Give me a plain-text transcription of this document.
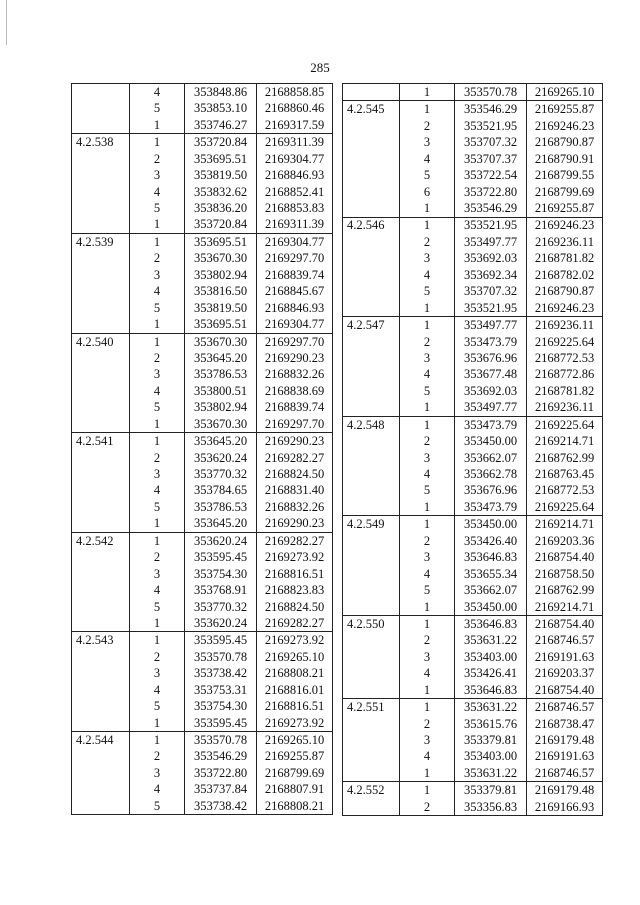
285
	4	353848.86	2168858.85
	5	353853.10	2168860.46
	1	353746.27	2169317.59
4.2.538	1	353720.84	2169311.39
	2	353695.51	2169304.77
	3	353819.50	2168846.93
	4	353832.62	2168852.41
	5	353836.20	2168853.83
	1	353720.84	2169311.39
4.2.539	1	353695.51	2169304.77
	2	353670.30	2169297.70
	3	353802.94	2168839.74
	4	353816.50	2168845.67
	5	353819.50	2168846.93
	1	353695.51	2169304.77
4.2.540	1	353670.30	2169297.70
	2	353645.20	2169290.23
	3	353786.53	2168832.26
	4	353800.51	2168838.69
	5	353802.94	2168839.74
	1	353670.30	2169297.70
4.2.541	1	353645.20	2169290.23
	2	353620.24	2169282.27
	3	353770.32	2168824.50
	4	353784.65	2168831.40
	5	353786.53	2168832.26
	1	353645.20	2169290.23
4.2.542	1	353620.24	2169282.27
	2	353595.45	2169273.92
	3	353754.30	2168816.51
	4	353768.91	2168823.83
	5	353770.32	2168824.50
	1	353620.24	2169282.27
4.2.543	1	353595.45	2169273.92
	2	353570.78	2169265.10
	3	353738.42	2168808.21
	4	353753.31	2168816.01
	5	353754.30	2168816.51
	1	353595.45	2169273.92
4.2.544	1	353570.78	2169265.10
	2	353546.29	2169255.87
	3	353722.80	2168799.69
	4	353737.84	2168807.91
	5	353738.42	2168808.21
	1	353570.78	2169265.10
4.2.545	1	353546.29	2169255.87
	2	353521.95	2169246.23
	3	353707.32	2168790.87
	4	353707.37	2168790.91
	5	353722.54	2168799.55
	6	353722.80	2168799.69
	1	353546.29	2169255.87
4.2.546	1	353521.95	2169246.23
	2	353497.77	2169236.11
	3	353692.03	2168781.82
	4	353692.34	2168782.02
	5	353707.32	2168790.87
	1	353521.95	2169246.23
4.2.547	1	353497.77	2169236.11
	2	353473.79	2169225.64
	3	353676.96	2168772.53
	4	353677.48	2168772.86
	5	353692.03	2168781.82
	1	353497.77	2169236.11
4.2.548	1	353473.79	2169225.64
	2	353450.00	2169214.71
	3	353662.07	2168762.99
	4	353662.78	2168763.45
	5	353676.96	2168772.53
	1	353473.79	2169225.64
4.2.549	1	353450.00	2169214.71
	2	353426.40	2169203.36
	3	353646.83	2168754.40
	4	353655.34	2168758.50
	5	353662.07	2168762.99
	1	353450.00	2169214.71
4.2.550	1	353646.83	2168754.40
	2	353631.22	2168746.57
	3	353403.00	2169191.63
	4	353426.41	2169203.37
	1	353646.83	2168754.40
4.2.551	1	353631.22	2168746.57
	2	353615.76	2168738.47
	3	353379.81	2169179.48
	4	353403.00	2169191.63
	1	353631.22	2168746.57
4.2.552	1	353379.81	2169179.48
	2	353356.83	2169166.93
